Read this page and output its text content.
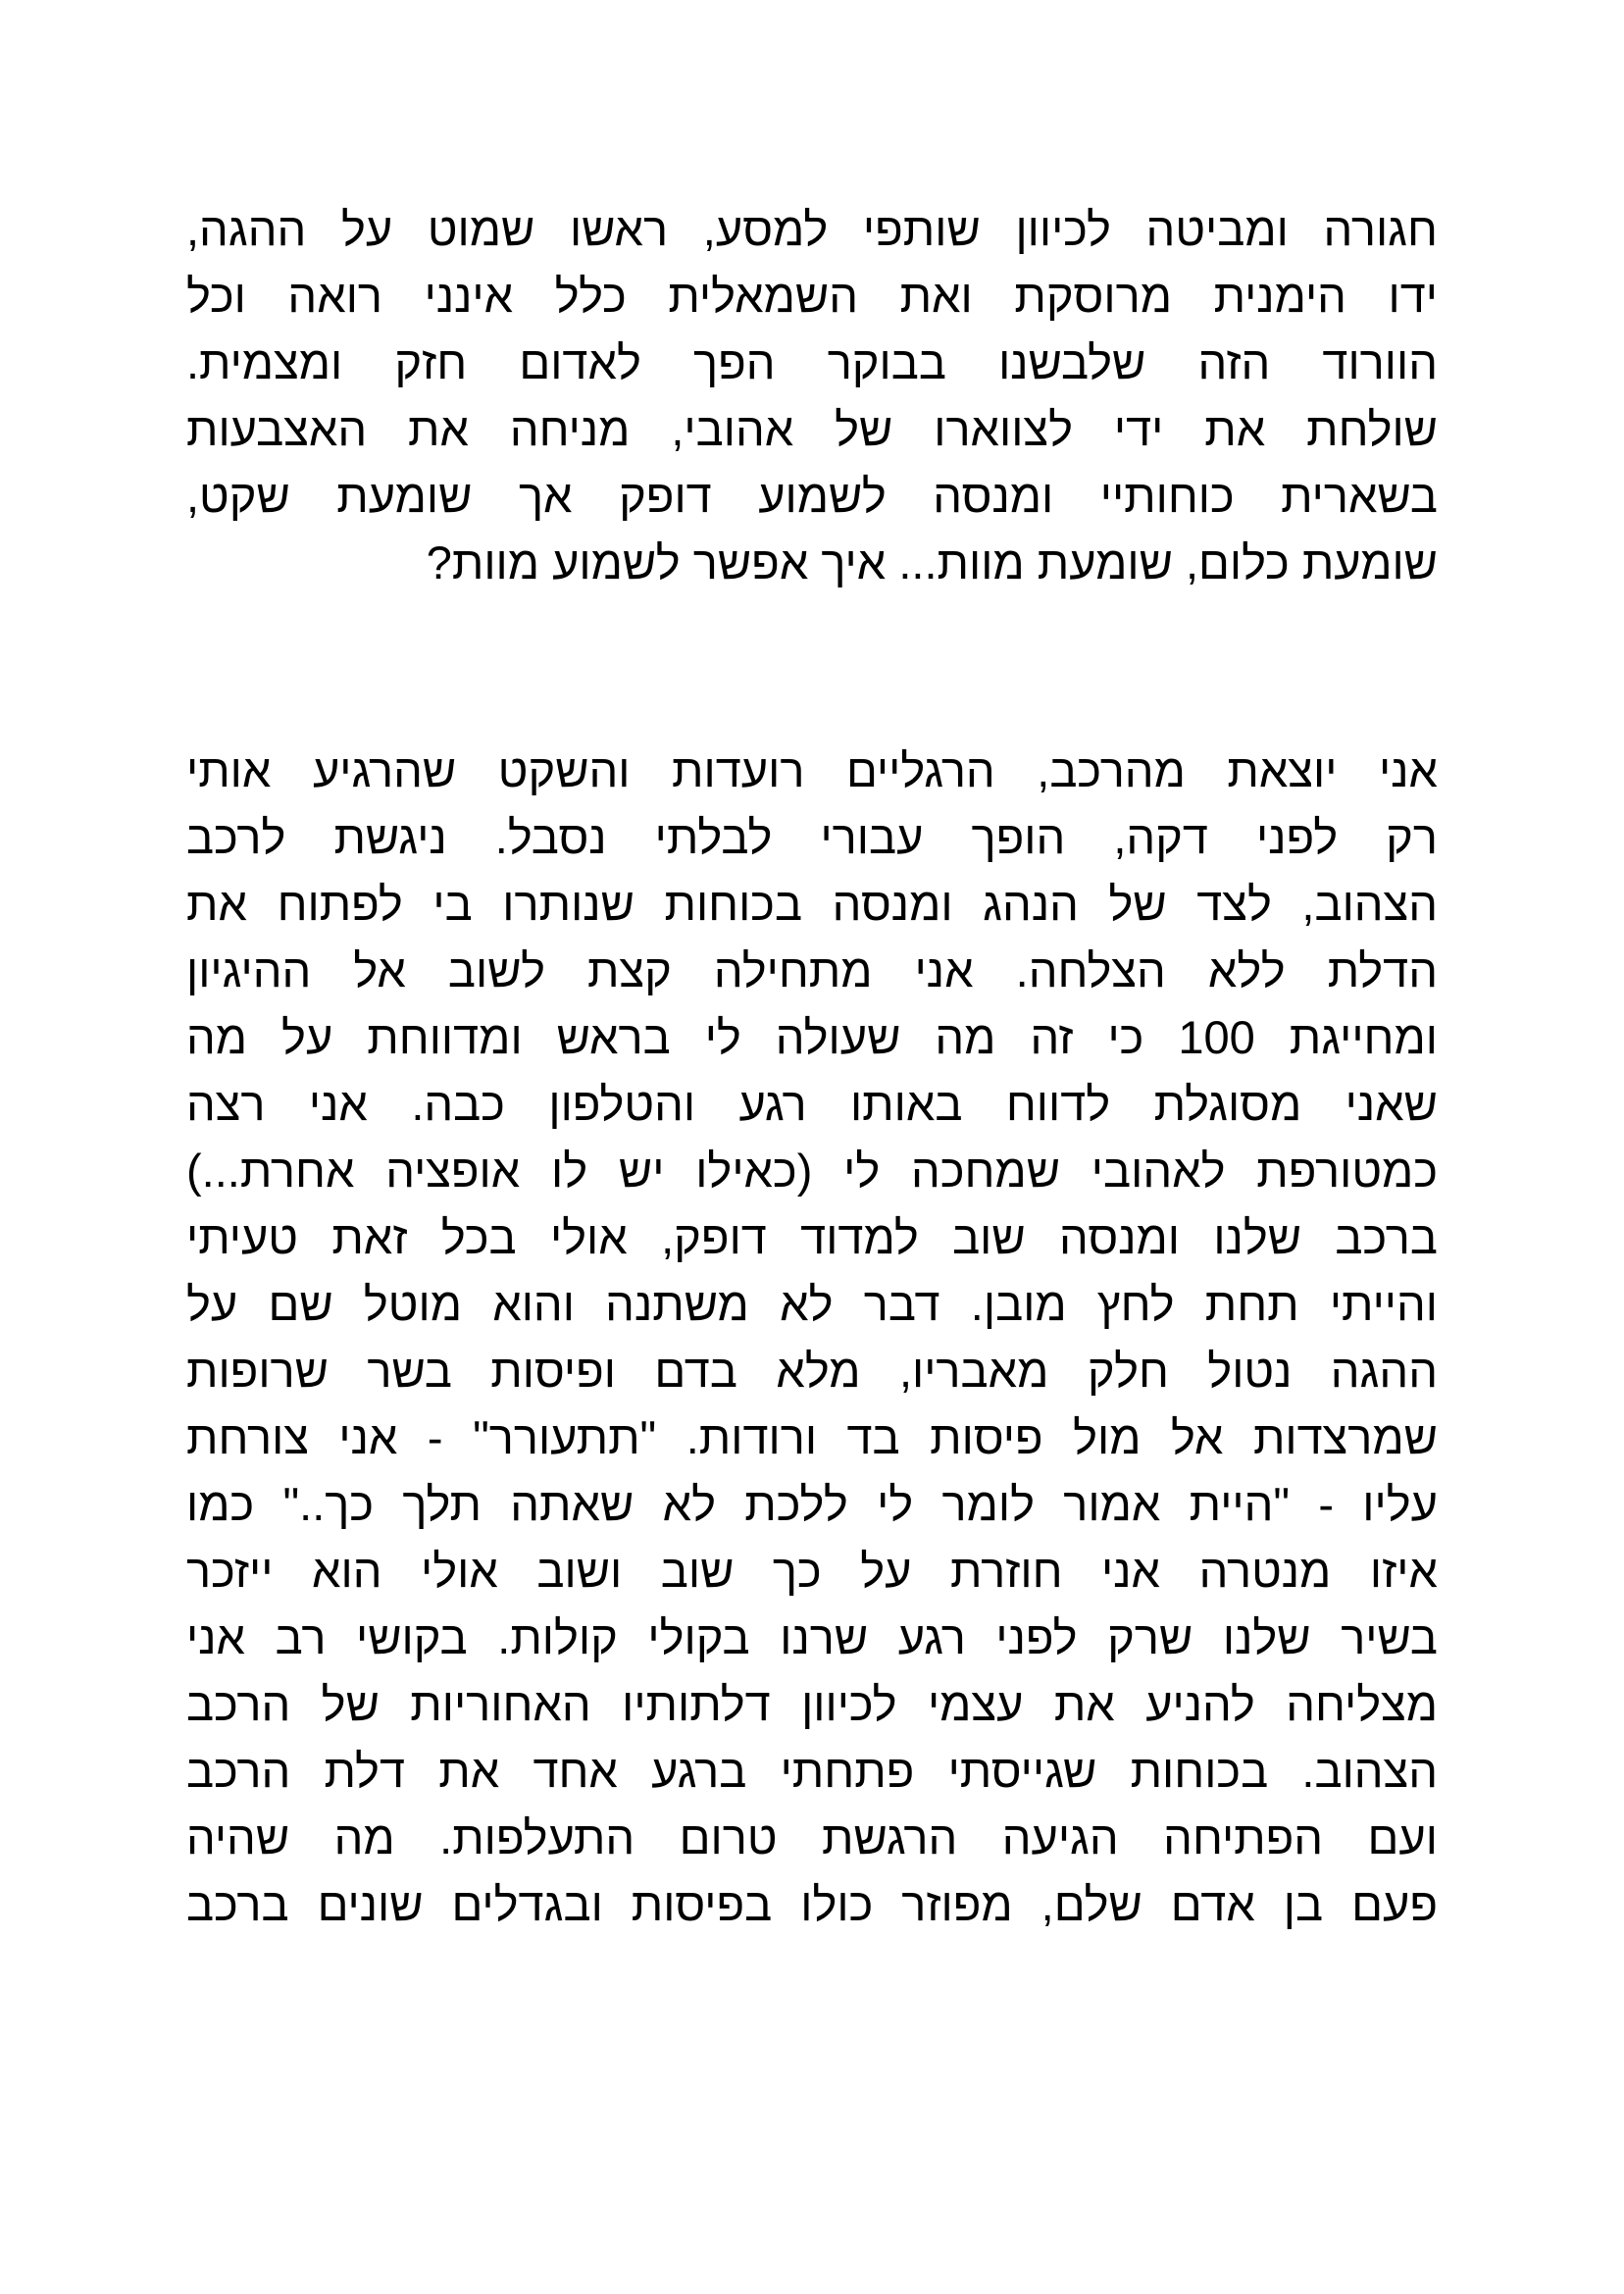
חגורה ומביטה לכיוון שותפי למסע, ראשו שמוט על ההגה,
ידו הימנית מרוסקת ואת השמאלית כלל אינני רואה וכל
הוורוד הזה שלבשנו בבוקר הפך לאדום חזק ומצמית.
שולחת את ידי לצווארו של אהובי, מניחה את האצבעות
בשארית כוחותיי ומנסה לשמוע דופק אך שומעת שקט,
שומעת כלום, שומעת מוות... איך אפשר לשמוע מוות?
אני יוצאת מהרכב, הרגליים רועדות והשקט שהרגיע אותי
רק לפני דקה, הופך עבורי לבלתי נסבל. ניגשת לרכב
הצהוב, לצד של הנהג ומנסה בכוחות שנותרו בי לפתוח את
הדלת ללא הצלחה. אני מתחילה קצת לשוב אל ההיגיון
ומחייגת 100 כי זה מה שעולה לי בראש ומדווחת על מה
שאני מסוגלת לדווח באותו רגע והטלפון כבה. אני רצה
כמטורפת לאהובי שמחכה לי (כאילו יש לו אופציה אחרת...)
ברכב שלנו ומנסה שוב למדוד דופק, אולי בכל זאת טעיתי
והייתי תחת לחץ מובן. דבר לא משתנה והוא מוטל שם על
ההגה נטול חלק מאבריו, מלא בדם ופיסות בשר שרופות
שמרצדות אל מול פיסות בד ורודות. "תתעורר" - אני צורחת
עליו - "היית אמור לומר לי ללכת לא שאתה תלך כך.." כמו
איזו מנטרה אני חוזרת על כך שוב ושוב אולי הוא ייזכר
בשיר שלנו שרק לפני רגע שרנו בקולי קולות. בקושי רב אני
מצליחה להניע את עצמי לכיוון דלתותיו האחוריות של הרכב
הצהוב. בכוחות שגייסתי פתחתי ברגע אחד את דלת הרכב
ועם הפתיחה הגיעה הרגשת טרום התעלפות. מה שהיה
פעם בן אדם שלם, מפוזר כולו בפיסות ובגדלים שונים ברכב
